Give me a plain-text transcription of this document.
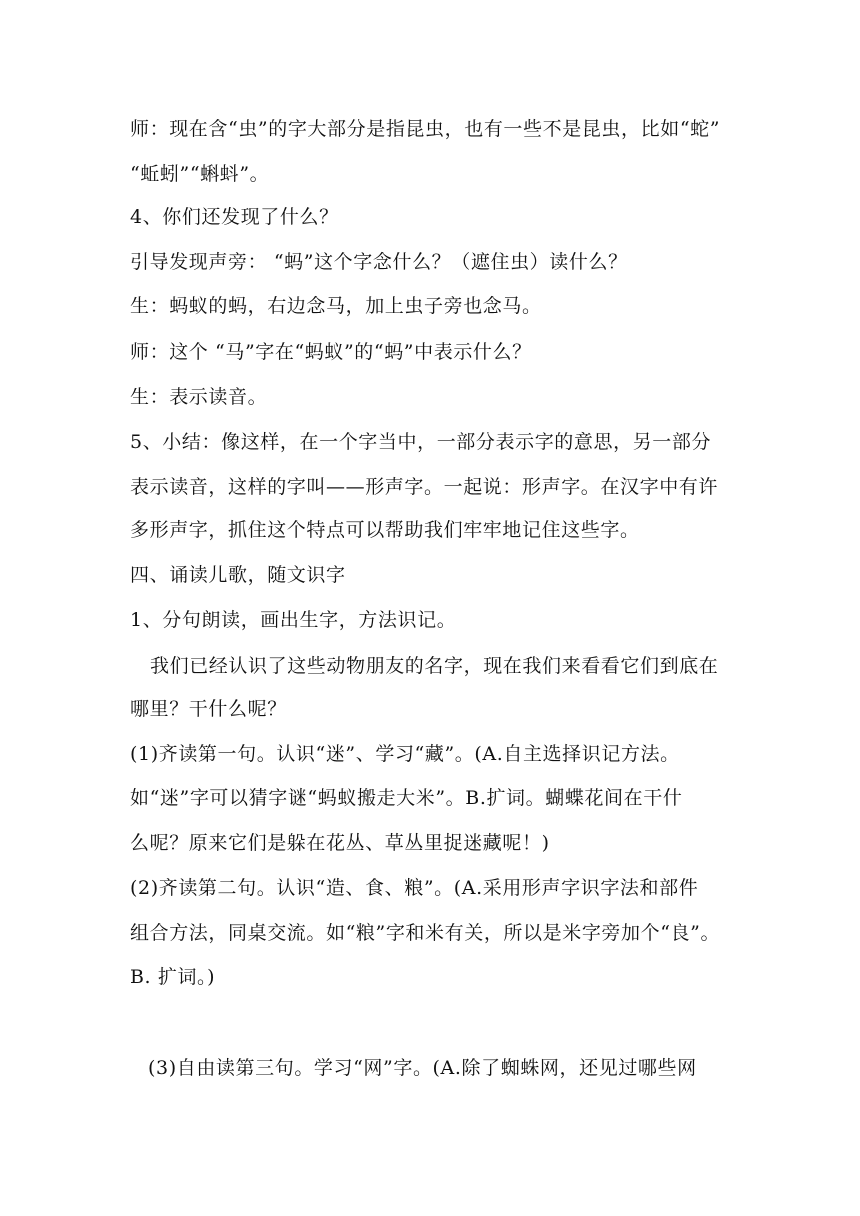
师：现在含“虫”的字大部分是指昆虫，也有一些不是昆虫，比如“蛇”
“蚯蚓”“蝌蚪”。
4、你们还发现了什么？
引导发现声旁： “蚂”这个字念什么？（遮住虫）读什么？
生：蚂蚁的蚂，右边念马，加上虫子旁也念马。
师：这个 “马”字在“蚂蚁”的“蚂”中表示什么？
生：表示读音。
5、小结：像这样，在一个字当中，一部分表示字的意思，另一部分
表示读音，这样的字叫——形声字。一起说：形声字。在汉字中有许
多形声字，抓住这个特点可以帮助我们牢牢地记住这些字。
四、诵读儿歌，随文识字
1、分句朗读，画出生字，方法识记。
我们已经认识了这些动物朋友的名字，现在我们来看看它们到底在
哪里？干什么呢？
(1)齐读第一句。认识“迷”、学习“藏”。(A.自主选择识记方法。
如“迷”字可以猜字谜“蚂蚁搬走大米”。B.扩词。蝴蝶花间在干什
么呢？原来它们是躲在花丛、草丛里捉迷藏呢！)
(2)齐读第二句。认识“造、食、粮”。(A.采用形声字识字法和部件
组合方法，同桌交流。如“粮”字和米有关，所以是米字旁加个“良”。
B. 扩词。)
(3)自由读第三句。学习“网”字。(A.除了蜘蛛网，还见过哪些网
